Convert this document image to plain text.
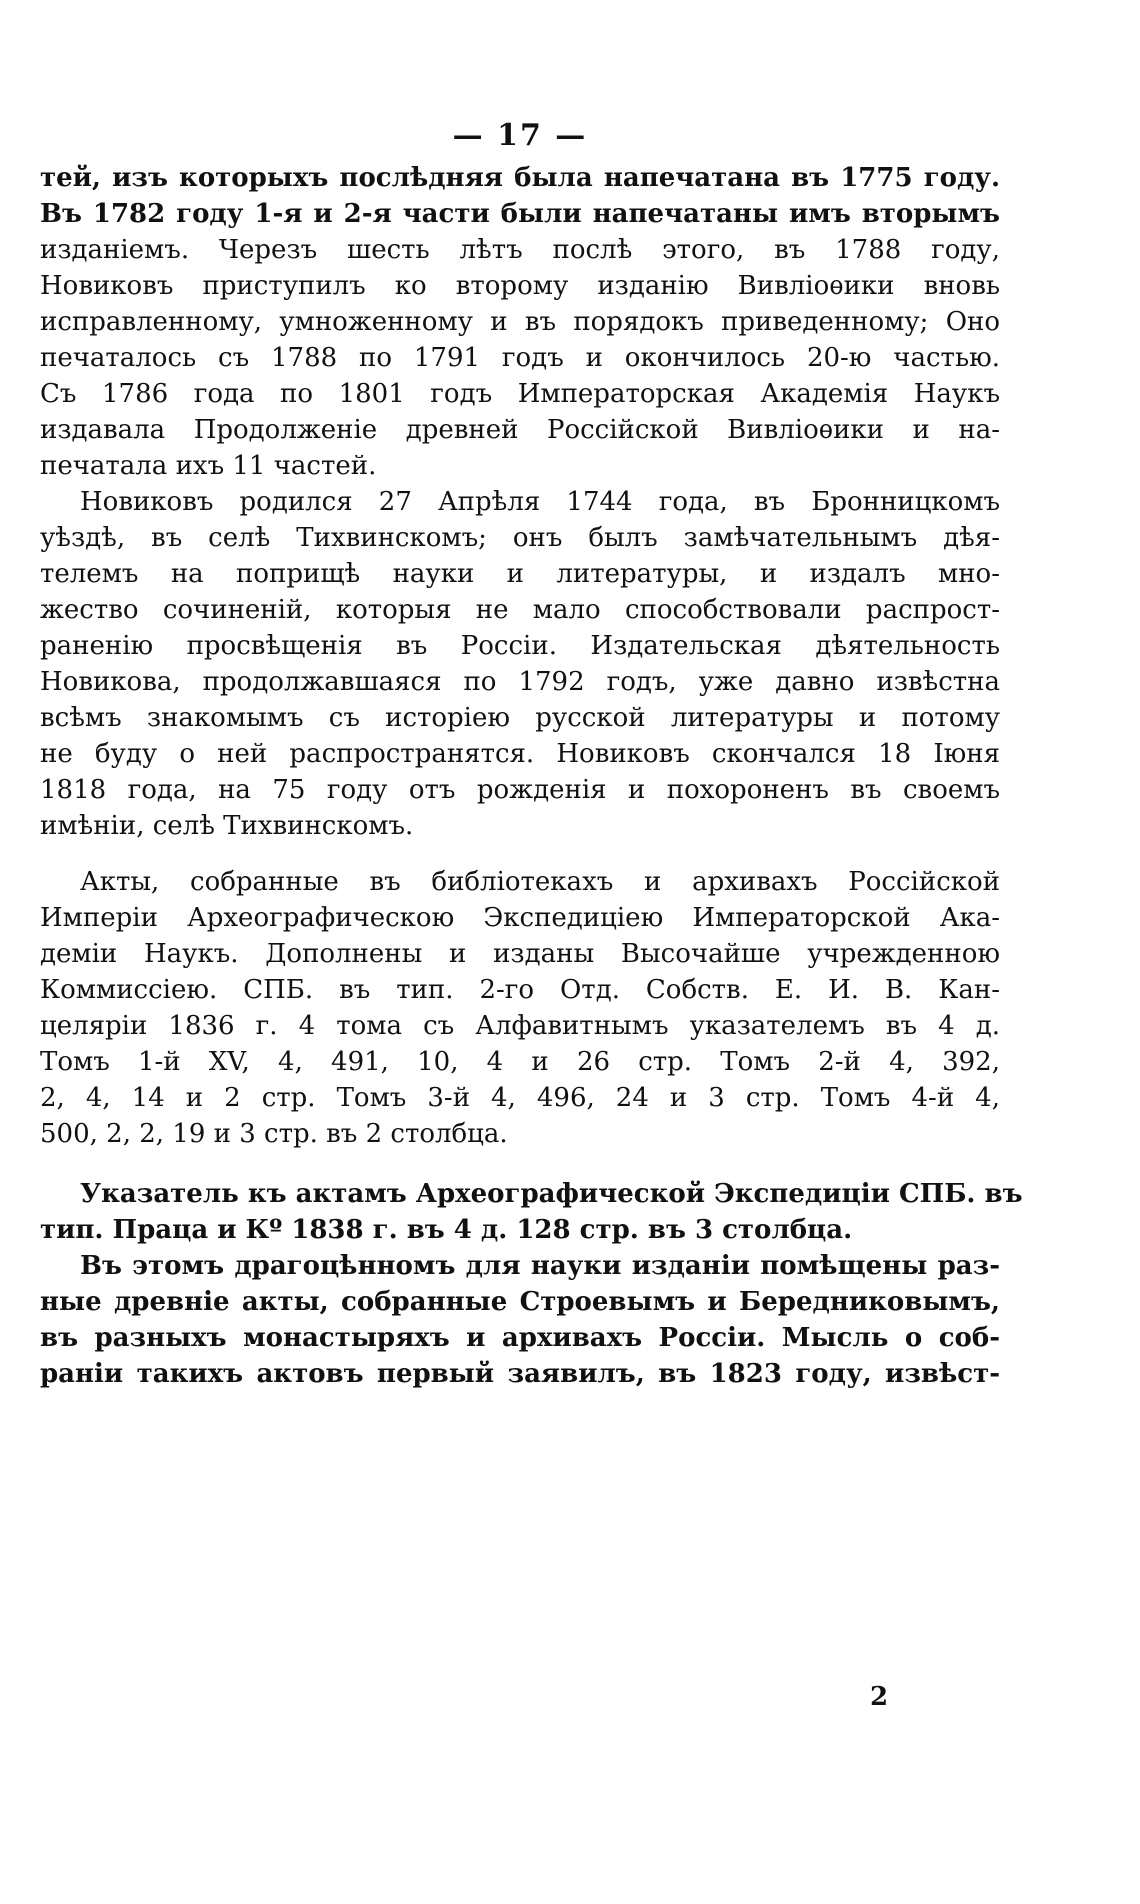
— 17 —
тей, изъ которыхъ послѣдняя была напечатана въ 1775 году.
Въ 1782 году 1-я и 2-я части были напечатаны имъ вторымъ
изданiемъ. Черезъ шесть лѣтъ послѣ этого, въ 1788 году,
Новиковъ приступилъ ко второму изданiю Вивлiоѳики вновь
исправленному, умноженному и въ порядокъ приведенному; Оно
печаталось съ 1788 по 1791 годъ и окончилось 20-ю частью.
Съ 1786 года по 1801 годъ Императорская Академiя Наукъ
издавала Продолженiе древней Россiйской Вивлiоѳики и на-
печатала ихъ 11 частей.
Новиковъ родился 27 Апрѣля 1744 года, въ Бронницкомъ
уѣздѣ, въ селѣ Тихвинскомъ; онъ былъ замѣчательнымъ дѣя-
телемъ на поприщѣ науки и литературы, и издалъ мно-
жество сочиненiй, которыя не мало способствовали распрост-
раненiю просвѣщенiя въ Россiи. Издательская дѣятельность
Новикова, продолжавшаяся по 1792 годъ, уже давно извѣстна
всѣмъ знакомымъ съ исторiею русской литературы и потому
не буду о ней распространятся. Новиковъ скончался 18 Iюня
1818 года, на 75 году отъ рожденiя и похороненъ въ своемъ
имѣнiи, селѣ Тихвинскомъ.
Акты, собранные въ библiотекахъ и архивахъ Россiйской
Имперiи Археографическою Экспедицiею Императорской Ака-
демiи Наукъ. Дополнены и изданы Высочайше учрежденною
Коммиссiею. СПБ. въ тип. 2-го Отд. Собств. Е. И. В. Кан-
целярiи 1836 г. 4 тома съ Алфавитнымъ указателемъ въ 4 д.
Томъ 1-й XV, 4, 491, 10, 4 и 26 стр. Томъ 2-й 4, 392,
2, 4, 14 и 2 стр. Томъ 3-й 4, 496, 24 и 3 стр. Томъ 4-й 4,
500, 2, 2, 19 и 3 стр. въ 2 столбца.
Указатель къ актамъ Археографической Экспедицiи СПБ. въ
тип. Праца и Кº 1838 г. въ 4 д. 128 стр. въ 3 столбца.
Въ этомъ драгоцѣнномъ для науки изданiи помѣщены раз-
ные древнiе акты, собранные Строевымъ и Бередниковымъ,
въ разныхъ монастыряхъ и архивахъ Россiи. Мысль о соб-
ранiи такихъ актовъ первый заявилъ, въ 1823 году, извѣст-
2
